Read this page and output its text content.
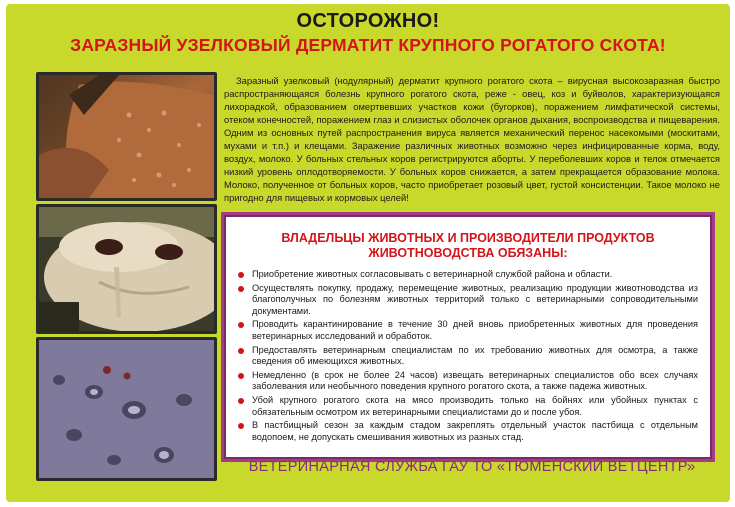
ОСТОРОЖНО!
ЗАРАЗНЫЙ УЗЕЛКОВЫЙ ДЕРМАТИТ КРУПНОГО РОГАТОГО СКОТА!
Заразный узелковый (нодулярный) дерматит крупного рогатого скота – вирусная высокозаразная быстро распространяющаяся болезнь крупного рогатого скота, реже - овец, коз и буйволов, характеризующаяся лихорадкой, образованием омертвевших участков кожи (бугорков), поражением лимфатической системы, отеком конечностей, поражением глаз и слизистых оболочек органов дыхания, воспроизводства и пищеварения. Одним из основных путей распространения вируса является механический перенос насекомыми (москитами, мухами и т.п.) и клещами. Заражение различных животных возможно через инфицированные корма, воду, воздух, молоко. У больных стельных коров регистрируются аборты. У переболевших коров и телок отмечается низкий уровень оплодотворяемости. У больных коров снижается, а затем прекращается образование молока. Молоко, полученное от больных коров, часто приобретает розовый цвет, густой консистенции. Такое молоко не пригодно для пищевых и кормовых целей!
ВЛАДЕЛЬЦЫ ЖИВОТНЫХ И ПРОИЗВОДИТЕЛИ ПРОДУКТОВ
ЖИВОТНОВОДСТВА ОБЯЗАНЫ:
Приобретение животных согласовывать с ветеринарной службой района и области.
Осуществлять покупку, продажу, перемещение животных, реализацию продукции животноводства из благополучных по болезням животных территорий только с ветеринарными сопроводительными документами.
Проводить карантинирование в течение 30 дней вновь приобретенных животных для проведения ветеринарных исследований и обработок.
Предоставлять ветеринарным специалистам по их требованию животных для осмотра, а также сведения об имеющихся животных.
Немедленно (в срок не более 24 часов) извещать ветеринарных специалистов обо всех случаях заболевания или необычного поведения крупного рогатого скота, а также падежа животных.
Убой крупного рогатого скота на мясо производить только на бойнях или убойных пунктах с обязательным осмотром их ветеринарными специалистами до и после убоя.
В пастбищный сезон за каждым стадом закреплять отдельный участок пастбища с отдельным водопоем, не допускать смешивания животных из разных стад.
ВЕТЕРИНАРНАЯ СЛУЖБА ГАУ ТО «ТЮМЕНСКИЙ ВЕТЦЕНТР»
